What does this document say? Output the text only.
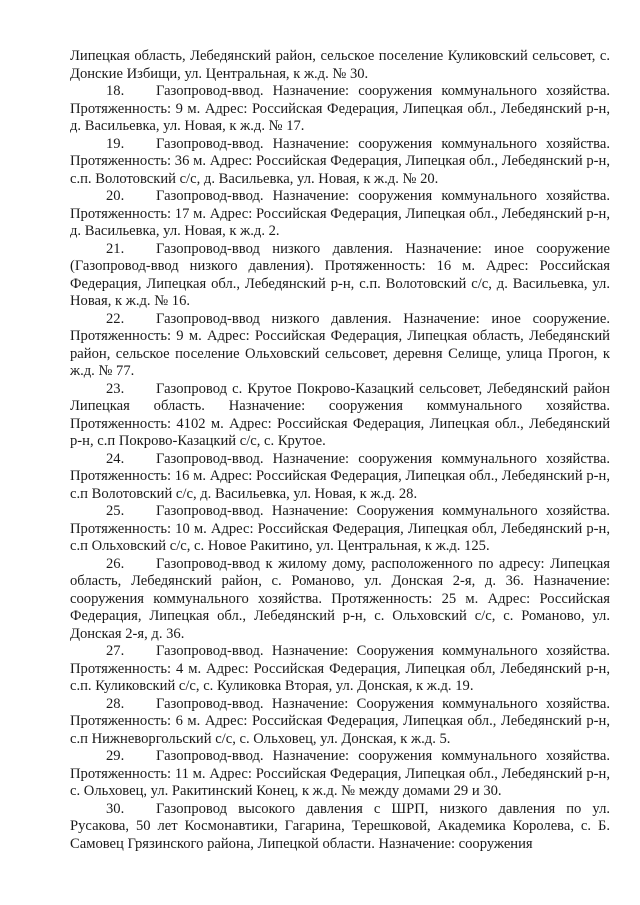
Липецкая область, Лебедянский район, сельское поселение Куликовский сельсовет, с. Донские Избищи, ул. Центральная, к ж.д. № 30.

18. Газопровод-ввод. Назначение: сооружения коммунального хозяйства. Протяженность: 9 м. Адрес: Российская Федерация, Липецкая обл., Лебедянский р-н, д. Васильевка, ул. Новая, к ж.д. № 17.

19. Газопровод-ввод. Назначение: сооружения коммунального хозяйства. Протяженность: 36 м. Адрес: Российская Федерация, Липецкая обл., Лебедянский р-н, с.п. Волотовский с/с, д. Васильевка, ул. Новая, к ж.д. № 20.

20. Газопровод-ввод. Назначение: сооружения коммунального хозяйства. Протяженность: 17 м. Адрес: Российская Федерация, Липецкая обл., Лебедянский р-н, д. Васильевка, ул. Новая, к ж.д. 2.

21. Газопровод-ввод низкого давления. Назначение: иное сооружение (Газопровод-ввод низкого давления). Протяженность: 16 м. Адрес: Российская Федерация, Липецкая обл., Лебедянский р-н, с.п. Волотовский с/с, д. Васильевка, ул. Новая, к ж.д. № 16.

22. Газопровод-ввод низкого давления. Назначение: иное сооружение. Протяженность: 9 м. Адрес: Российская Федерация, Липецкая область, Лебедянский район, сельское поселение Ольховский сельсовет, деревня Селище, улица Прогон, к ж.д. № 77.

23. Газопровод с. Крутое Покрово-Казацкий сельсовет, Лебедянский район Липецкая область. Назначение: сооружения коммунального хозяйства. Протяженность: 4102 м. Адрес: Российская Федерация, Липецкая обл., Лебедянский р-н, с.п Покрово-Казацкий с/с, с. Крутое.

24. Газопровод-ввод. Назначение: сооружения коммунального хозяйства. Протяженность: 16 м. Адрес: Российская Федерация, Липецкая обл., Лебедянский р-н, с.п Волотовский с/с, д. Васильевка, ул. Новая, к ж.д. 28.

25. Газопровод-ввод. Назначение: Сооружения коммунального хозяйства. Протяженность: 10 м. Адрес: Российская Федерация, Липецкая обл, Лебедянский р-н, с.п Ольховский с/с, с. Новое Ракитино, ул. Центральная, к ж.д. 125.

26. Газопровод-ввод к жилому дому, расположенного по адресу: Липецкая область, Лебедянский район, с. Романово, ул. Донская 2-я, д. 36. Назначение: сооружения коммунального хозяйства. Протяженность: 25 м. Адрес: Российская Федерация, Липецкая обл., Лебедянский р-н, с. Ольховский с/с, с. Романово, ул. Донская 2-я, д. 36.

27. Газопровод-ввод. Назначение: Сооружения коммунального хозяйства. Протяженность: 4 м. Адрес: Российская Федерация, Липецкая обл, Лебедянский р-н, с.п. Куликовский с/с, с. Куликовка Вторая, ул. Донская, к ж.д. 19.

28. Газопровод-ввод. Назначение: Сооружения коммунального хозяйства. Протяженность: 6 м. Адрес: Российская Федерация, Липецкая обл., Лебедянский р-н, с.п Нижневоргольский с/с, с. Ольховец, ул. Донская, к ж.д. 5.

29. Газопровод-ввод. Назначение: сооружения коммунального хозяйства. Протяженность: 11 м. Адрес: Российская Федерация, Липецкая обл., Лебедянский р-н, с. Ольховец, ул. Ракитинский Конец, к ж.д. № между домами 29 и 30.

30. Газопровод высокого давления с ШРП, низкого давления по ул. Русакова, 50 лет Космонавтики, Гагарина, Терешковой, Академика Королева, с. Б. Самовец Грязинского района, Липецкой области. Назначение: сооружения
